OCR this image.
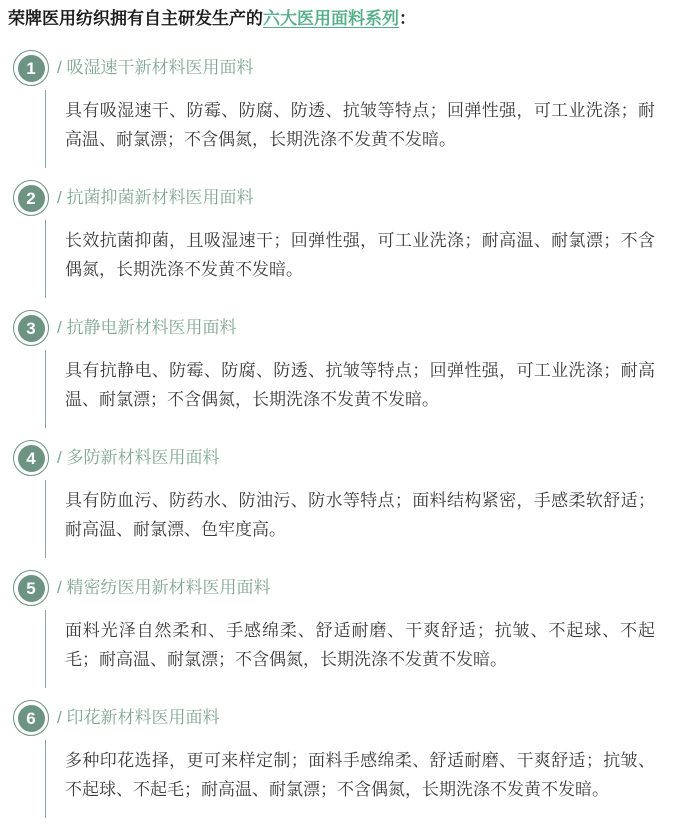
荣牌医用纺织拥有自主研发生产的六大医用面料系列：

1	/ 吸湿速干新材料医用面料

具有吸湿速干、防霉、防腐、防透、抗皱等特点；回弹性强，可工业洗涤；耐高温、耐氯漂；不含偶氮，长期洗涤不发黄不发暗。

2	/ 抗菌抑菌新材料医用面料

长效抗菌抑菌，且吸湿速干；回弹性强，可工业洗涤；耐高温、耐氯漂；不含偶氮，长期洗涤不发黄不发暗。

3	/ 抗静电新材料医用面料

具有抗静电、防霉、防腐、防透、抗皱等特点；回弹性强，可工业洗涤；耐高温、耐氯漂；不含偶氮，长期洗涤不发黄不发暗。

4	/ 多防新材料医用面料

具有防血污、防药水、防油污、防水等特点；面料结构紧密，手感柔软舒适；耐高温、耐氯漂、色牢度高。

5	/ 精密纺医用新材料医用面料

面料光泽自然柔和、手感绵柔、舒适耐磨、干爽舒适；抗皱、不起球、不起毛；耐高温、耐氯漂；不含偶氮，长期洗涤不发黄不发暗。

6	/ 印花新材料医用面料

多种印花选择，更可来样定制；面料手感绵柔、舒适耐磨、干爽舒适；抗皱、不起球、不起毛；耐高温、耐氯漂；不含偶氮，长期洗涤不发黄不发暗。
